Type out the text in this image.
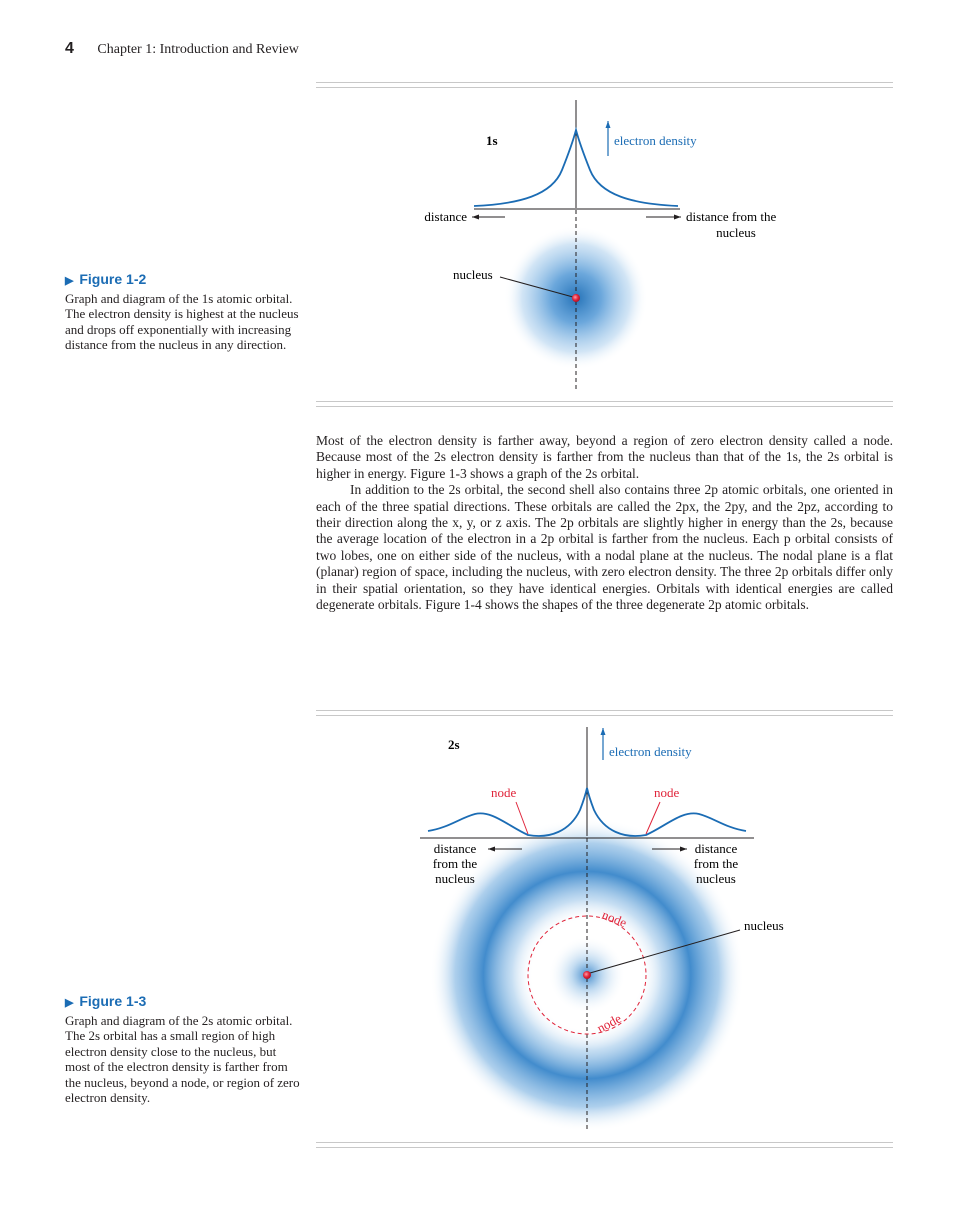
4 Chapter 1: Introduction and Review
▶ Figure 1-2
Graph and diagram of the 1s atomic orbital. The electron density is highest at the nucleus and drops off exponentially with increasing distance from the nucleus in any direction.
▶ Figure 1-3
Graph and diagram of the 2s atomic orbital. The 2s orbital has a small region of high electron density close to the nucleus, but most of the electron density is farther from the nucleus, beyond a node, or region of zero electron density.

Most of the electron density is farther away, beyond a region of zero electron density called a node. Because most of the 2s electron density is farther from the nucleus than that of the 1s, the 2s orbital is higher in energy. Figure 1-3 shows a graph of the 2s orbital.

In addition to the 2s orbital, the second shell also contains three 2p atomic orbitals, one oriented in each of the three spatial directions. These orbitals are called the 2px, the 2py, and the 2pz, according to their direction along the x, y, or z axis. The 2p orbitals are slightly higher in energy than the 2s, because the average location of the electron in a 2p orbital is farther from the nucleus. Each p orbital consists of two lobes, one on either side of the nucleus, with a nodal plane at the nucleus. The nodal plane is a flat (planar) region of space, including the nucleus, with zero electron density. The three 2p orbitals differ only in their spatial orientation, so they have identical energies. Orbitals with identical energies are called degenerate orbitals. Figure 1-4 shows the shapes of the three degenerate 2p atomic orbitals.

1s	electron density
distance	distance from the
nucleus
nucleus
2s	electron density
node	node
distance
from the
nucleus
distance
from the
nucleus
node
node
nucleus
